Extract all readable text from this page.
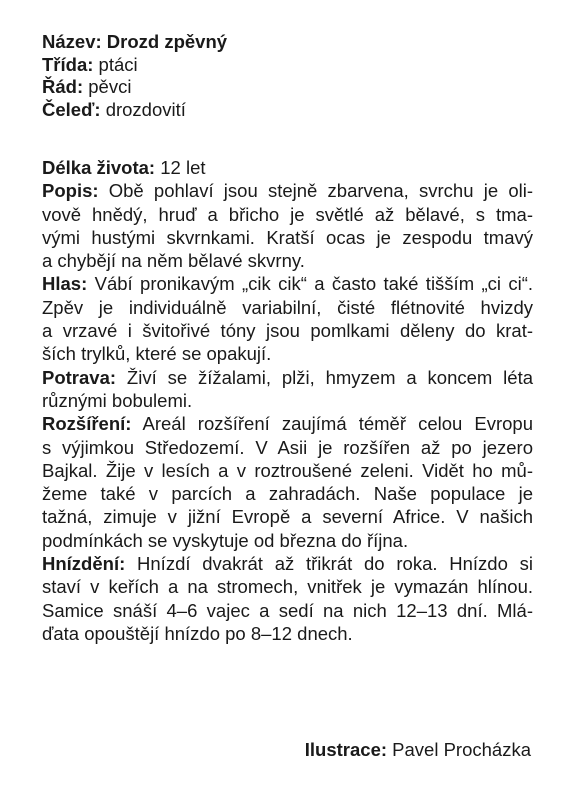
Název: Drozd zpěvný
Třída: ptáci
Řád: pěvci
Čeleď: drozdovití
Délka života: 12 let
Popis: Obě pohlaví jsou stejně zbarvena, svrchu je oli-
vově hnědý, hruď a břicho je světlé až bělavé, s tma-
vými hustými skvrnkami. Kratší ocas je zespodu tmavý
a chybějí na něm bělavé skvrny.
Hlas: Vábí pronikavým „cik cik“ a často také tišším „ci ci“.
Zpěv je individuálně variabilní, čisté flétnovité hvizdy
a vrzavé i švitořivé tóny jsou pomlkami děleny do krat-
ších trylků, které se opakují.
Potrava: Živí se žížalami, plži, hmyzem a koncem léta
různými bobulemi.
Rozšíření: Areál rozšíření zaujímá téměř celou Evropu
s výjimkou Středozemí. V Asii je rozšířen až po jezero
Bajkal. Žije v lesích a v roztroušené zeleni. Vidět ho mů-
žeme také v parcích a zahradách. Naše populace je
tažná, zimuje v jižní Evropě a severní Africe. V našich
podmínkách se vyskytuje od března do října.
Hnízdění: Hnízdí dvakrát až třikrát do roka. Hnízdo si
staví v keřích a na stromech, vnitřek je vymazán hlínou.
Samice snáší 4–6 vajec a sedí na nich 12–13 dní. Mlá-
ďata opouštějí hnízdo po 8–12 dnech.
Ilustrace: Pavel Procházka
